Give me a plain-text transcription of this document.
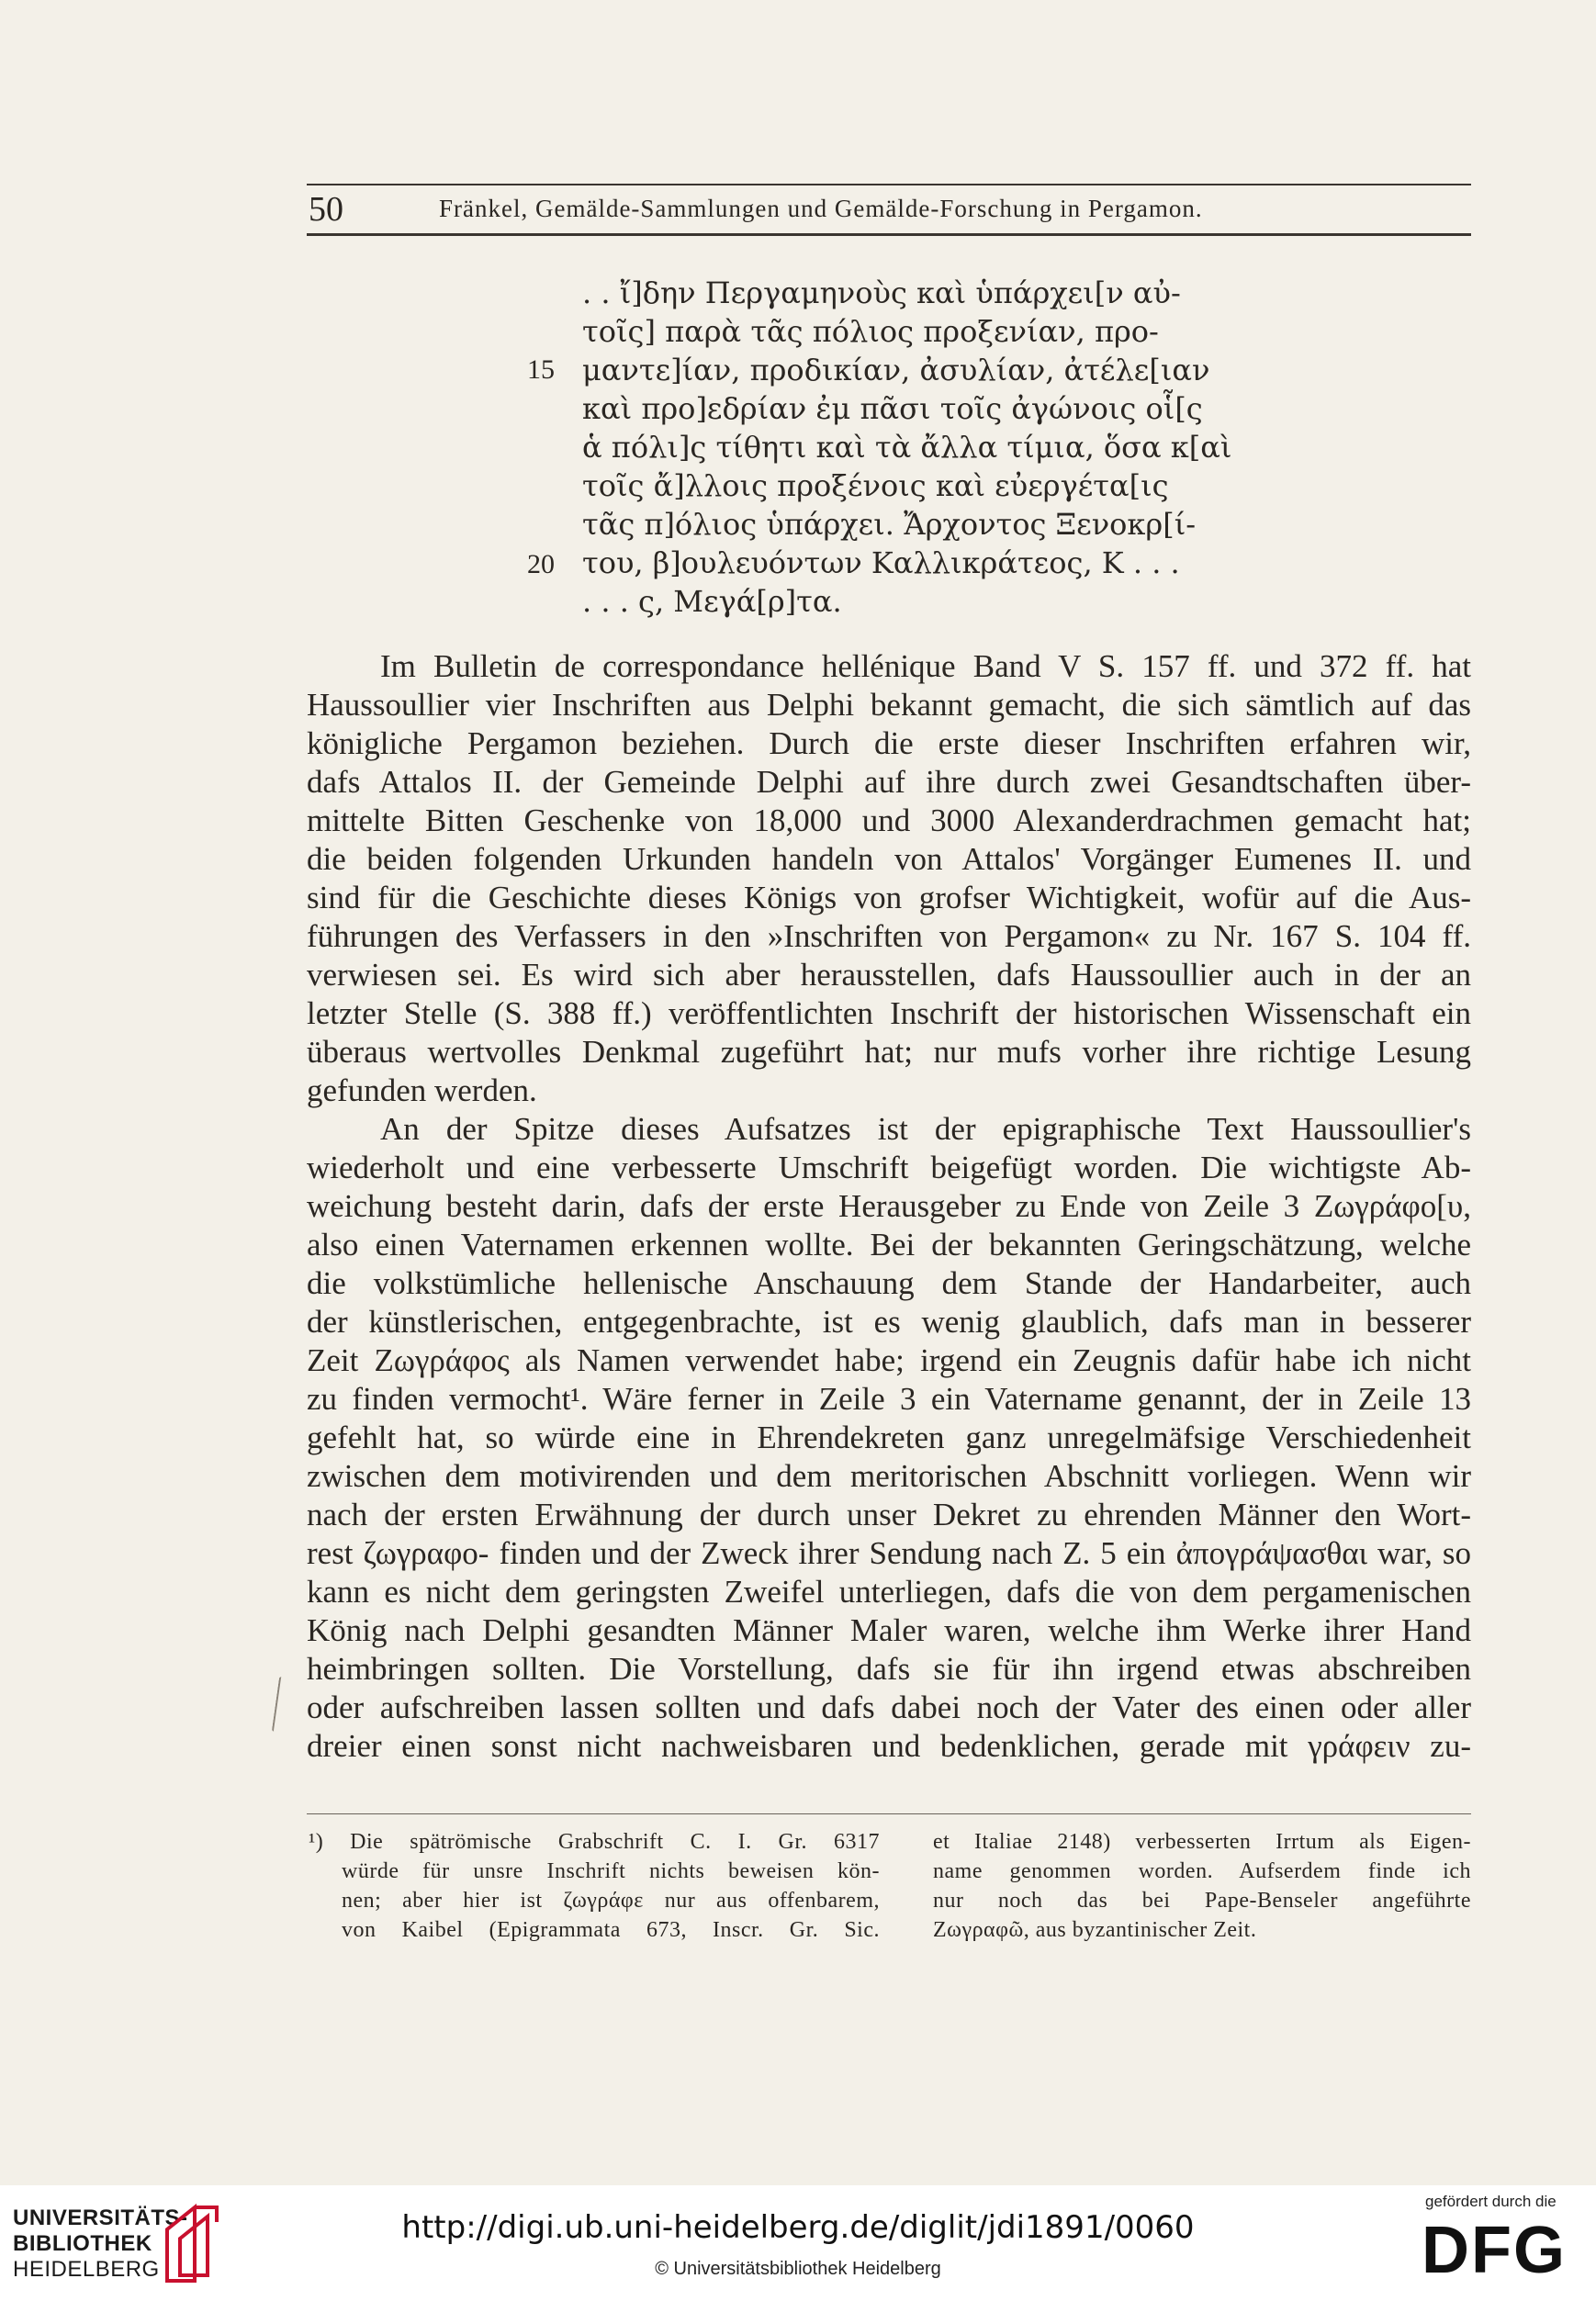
50	Fränkel, Gemälde-Sammlungen und Gemälde-Forschung in Pergamon.
. . ἴ]δην Περγαμηνοὺς καὶ ὑπάρχει[ν αὐ-
τοῖς] παρὰ τᾶς πόλιος προξενίαν, προ-
15 μαντε]ίαν, προδικίαν, ἀσυλίαν, ἀτέλε[ιαν
καὶ προ]εδρίαν ἐμ πᾶσι τοῖς ἀγώνοις οἷ[ς
ἁ πόλι]ς τίθητι καὶ τὰ ἄλλα τίμια, ὅσα κ[αὶ
τοῖς ἄ]λλοις προξένοις καὶ εὐεργέτα[ις
τᾶς π]όλιος ὑπάρχει. Ἄρχοντος Ξενοκρ[ί-
20 του, β]ουλευόντων Καλλικράτεος, Κ . . .
. . . ς, Μεγά[ρ]τα.
Im Bulletin de correspondance hellénique Band V S. 157 ff. und 372 ff. hat
Haussoullier vier Inschriften aus Delphi bekannt gemacht, die sich sämtlich auf das
königliche Pergamon beziehen. Durch die erste dieser Inschriften erfahren wir,
dafs Attalos II. der Gemeinde Delphi auf ihre durch zwei Gesandtschaften über-
mittelte Bitten Geschenke von 18,000 und 3000 Alexanderdrachmen gemacht hat;
die beiden folgenden Urkunden handeln von Attalos' Vorgänger Eumenes II. und
sind für die Geschichte dieses Königs von grofser Wichtigkeit, wofür auf die Aus-
führungen des Verfassers in den »Inschriften von Pergamon« zu Nr. 167 S. 104 ff.
verwiesen sei. Es wird sich aber herausstellen, dafs Haussoullier auch in der an
letzter Stelle (S. 388 ff.) veröffentlichten Inschrift der historischen Wissenschaft ein
überaus wertvolles Denkmal zugeführt hat; nur mufs vorher ihre richtige Lesung
gefunden werden.
An der Spitze dieses Aufsatzes ist der epigraphische Text Haussoullier's
wiederholt und eine verbesserte Umschrift beigefügt worden. Die wichtigste Ab-
weichung besteht darin, dafs der erste Herausgeber zu Ende von Zeile 3 Ζωγράφο[υ,
also einen Vaternamen erkennen wollte. Bei der bekannten Geringschätzung, welche
die volkstümliche hellenische Anschauung dem Stande der Handarbeiter, auch
der künstlerischen, entgegenbrachte, ist es wenig glaublich, dafs man in besserer
Zeit Ζωγράφος als Namen verwendet habe; irgend ein Zeugnis dafür habe ich nicht
zu finden vermocht¹. Wäre ferner in Zeile 3 ein Vatername genannt, der in Zeile 13
gefehlt hat, so würde eine in Ehrendekreten ganz unregelmäfsige Verschiedenheit
zwischen dem motivirenden und dem meritorischen Abschnitt vorliegen. Wenn wir
nach der ersten Erwähnung der durch unser Dekret zu ehrenden Männer den Wort-
rest ζωγραφο- finden und der Zweck ihrer Sendung nach Z. 5 ein ἀπογράψασθαι war, so
kann es nicht dem geringsten Zweifel unterliegen, dafs die von dem pergamenischen
König nach Delphi gesandten Männer Maler waren, welche ihm Werke ihrer Hand
heimbringen sollten. Die Vorstellung, dafs sie für ihn irgend etwas abschreiben
oder aufschreiben lassen sollten und dafs dabei noch der Vater des einen oder aller
dreier einen sonst nicht nachweisbaren und bedenklichen, gerade mit γράφειν zu-
¹) Die spätrömische Grabschrift C. I. Gr. 6317
würde für unsre Inschrift nichts beweisen kön-
nen; aber hier ist ζωγράφε nur aus offenbarem,
von Kaibel (Epigrammata 673, Inscr. Gr. Sic.
et Italiae 2148) verbesserten Irrtum als Eigen-
name genommen worden. Aufserdem finde ich
nur noch das bei Pape-Benseler angeführte
Ζωγραφῶ, aus byzantinischer Zeit.
UNIVERSITÄTS-
BIBLIOTHEK
HEIDELBERG
http://digi.ub.uni-heidelberg.de/diglit/jdi1891/0060
© Universitätsbibliothek Heidelberg
gefördert durch die
DFG
